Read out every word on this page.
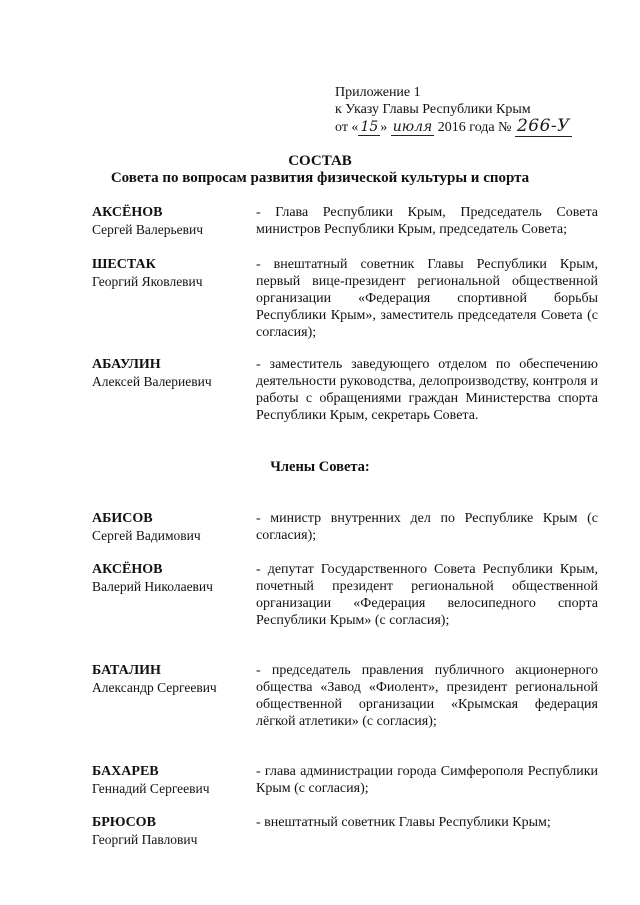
Приложение 1
к Указу Главы Республики Крым
от « 15 » июля 2016 года № 266-У
СОСТАВ
Совета по вопросам развития физической культуры и спорта
АКСЁНОВ
Сергей Валерьевич
- Глава Республики Крым, Председатель Совета министров Республики Крым, председатель Совета;
ШЕСТАК
Георгий Яковлевич
- внештатный советник Главы Республики Крым, первый вице-президент региональной общественной организации «Федерация спортивной борьбы Республики Крым», заместитель председателя Совета (с согласия);
АБАУЛИН
Алексей Валериевич
- заместитель заведующего отделом по обеспечению деятельности руководства, делопроизводству, контроля и работы с обращениями граждан Министерства спорта Республики Крым, секретарь Совета.
Члены Совета:
АБИСОВ
Сергей Вадимович
- министр внутренних дел по Республике Крым (с согласия);
АКСЁНОВ
Валерий Николаевич
- депутат Государственного Совета Республики Крым, почетный президент региональной общественной организации «Федерация велосипедного спорта Республики Крым» (с согласия);
БАТАЛИН
Александр Сергеевич
- председатель правления публичного акционерного общества «Завод «Фиолент», президент региональной общественной организации «Крымская федерация лёгкой атлетики» (с согласия);
БАХАРЕВ
Геннадий Сергеевич
- глава администрации города Симферополя Республики Крым (с согласия);
БРЮСОВ
Георгий Павлович
- внештатный советник Главы Республики Крым;
